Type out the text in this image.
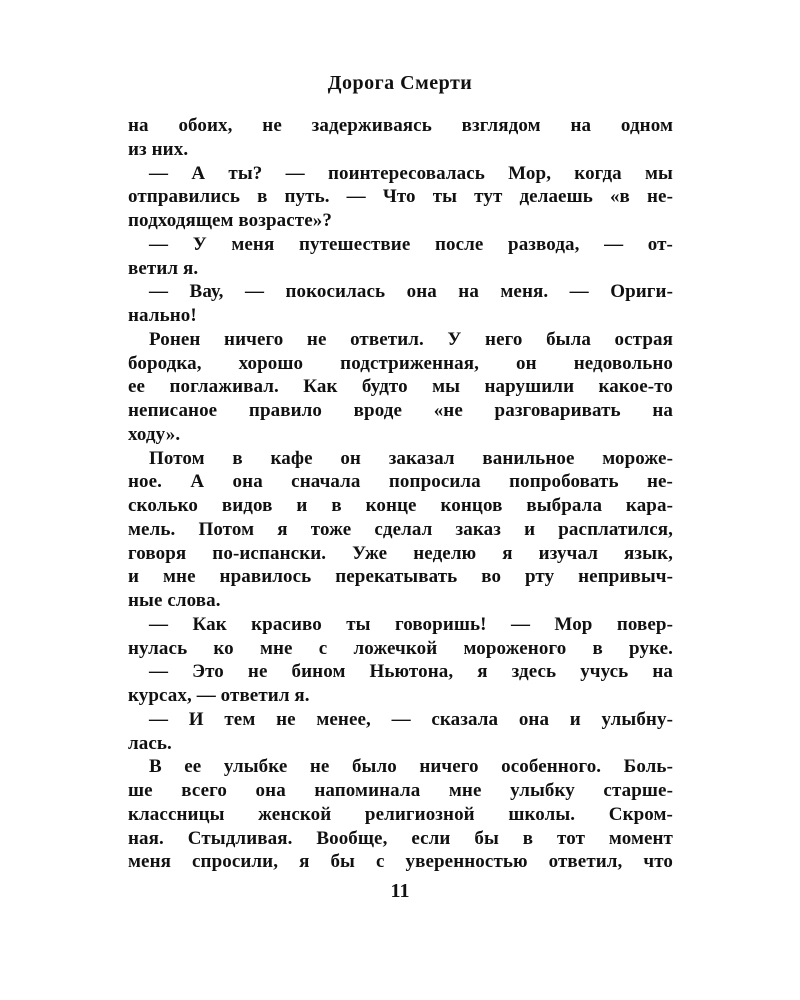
Дорога Смерти
на обоих, не задерживаясь взглядом на одном
из них.
— А ты? — поинтересовалась Мор, когда мы
отправились в путь. — Что ты тут делаешь «в не-
подходящем возрасте»?
— У меня путешествие после развода, — от-
ветил я.
— Вау, — покосилась она на меня. — Ориги-
нально!
Ронен ничего не ответил. У него была острая
бородка, хорошо подстриженная, он недовольно
ее поглаживал. Как будто мы нарушили какое-то
неписаное правило вроде «не разговаривать на
ходу».
Потом в кафе он заказал ванильное мороже-
ное. А она сначала попросила попробовать не-
сколько видов и в конце концов выбрала карa-
мель. Потом я тоже сделал заказ и расплатился,
говоря по-испански. Уже неделю я изучал язык,
и мне нравилось перекатывать во рту непривыч-
ные слова.
— Как красиво ты говоришь! — Мор повер-
нулась ко мне с ложечкой мороженого в руке.
— Это не бином Ньютона, я здесь учусь на
курсах, — ответил я.
— И тем не менее, — сказала она и улыбну-
лась.
В ее улыбке не было ничего особенного. Боль-
ше всего она напоминала мне улыбку старше-
классницы женской религиозной школы. Скром-
ная. Стыдливая. Вообще, если бы в тот момент
меня спросили, я бы с уверенностью ответил, что
11
